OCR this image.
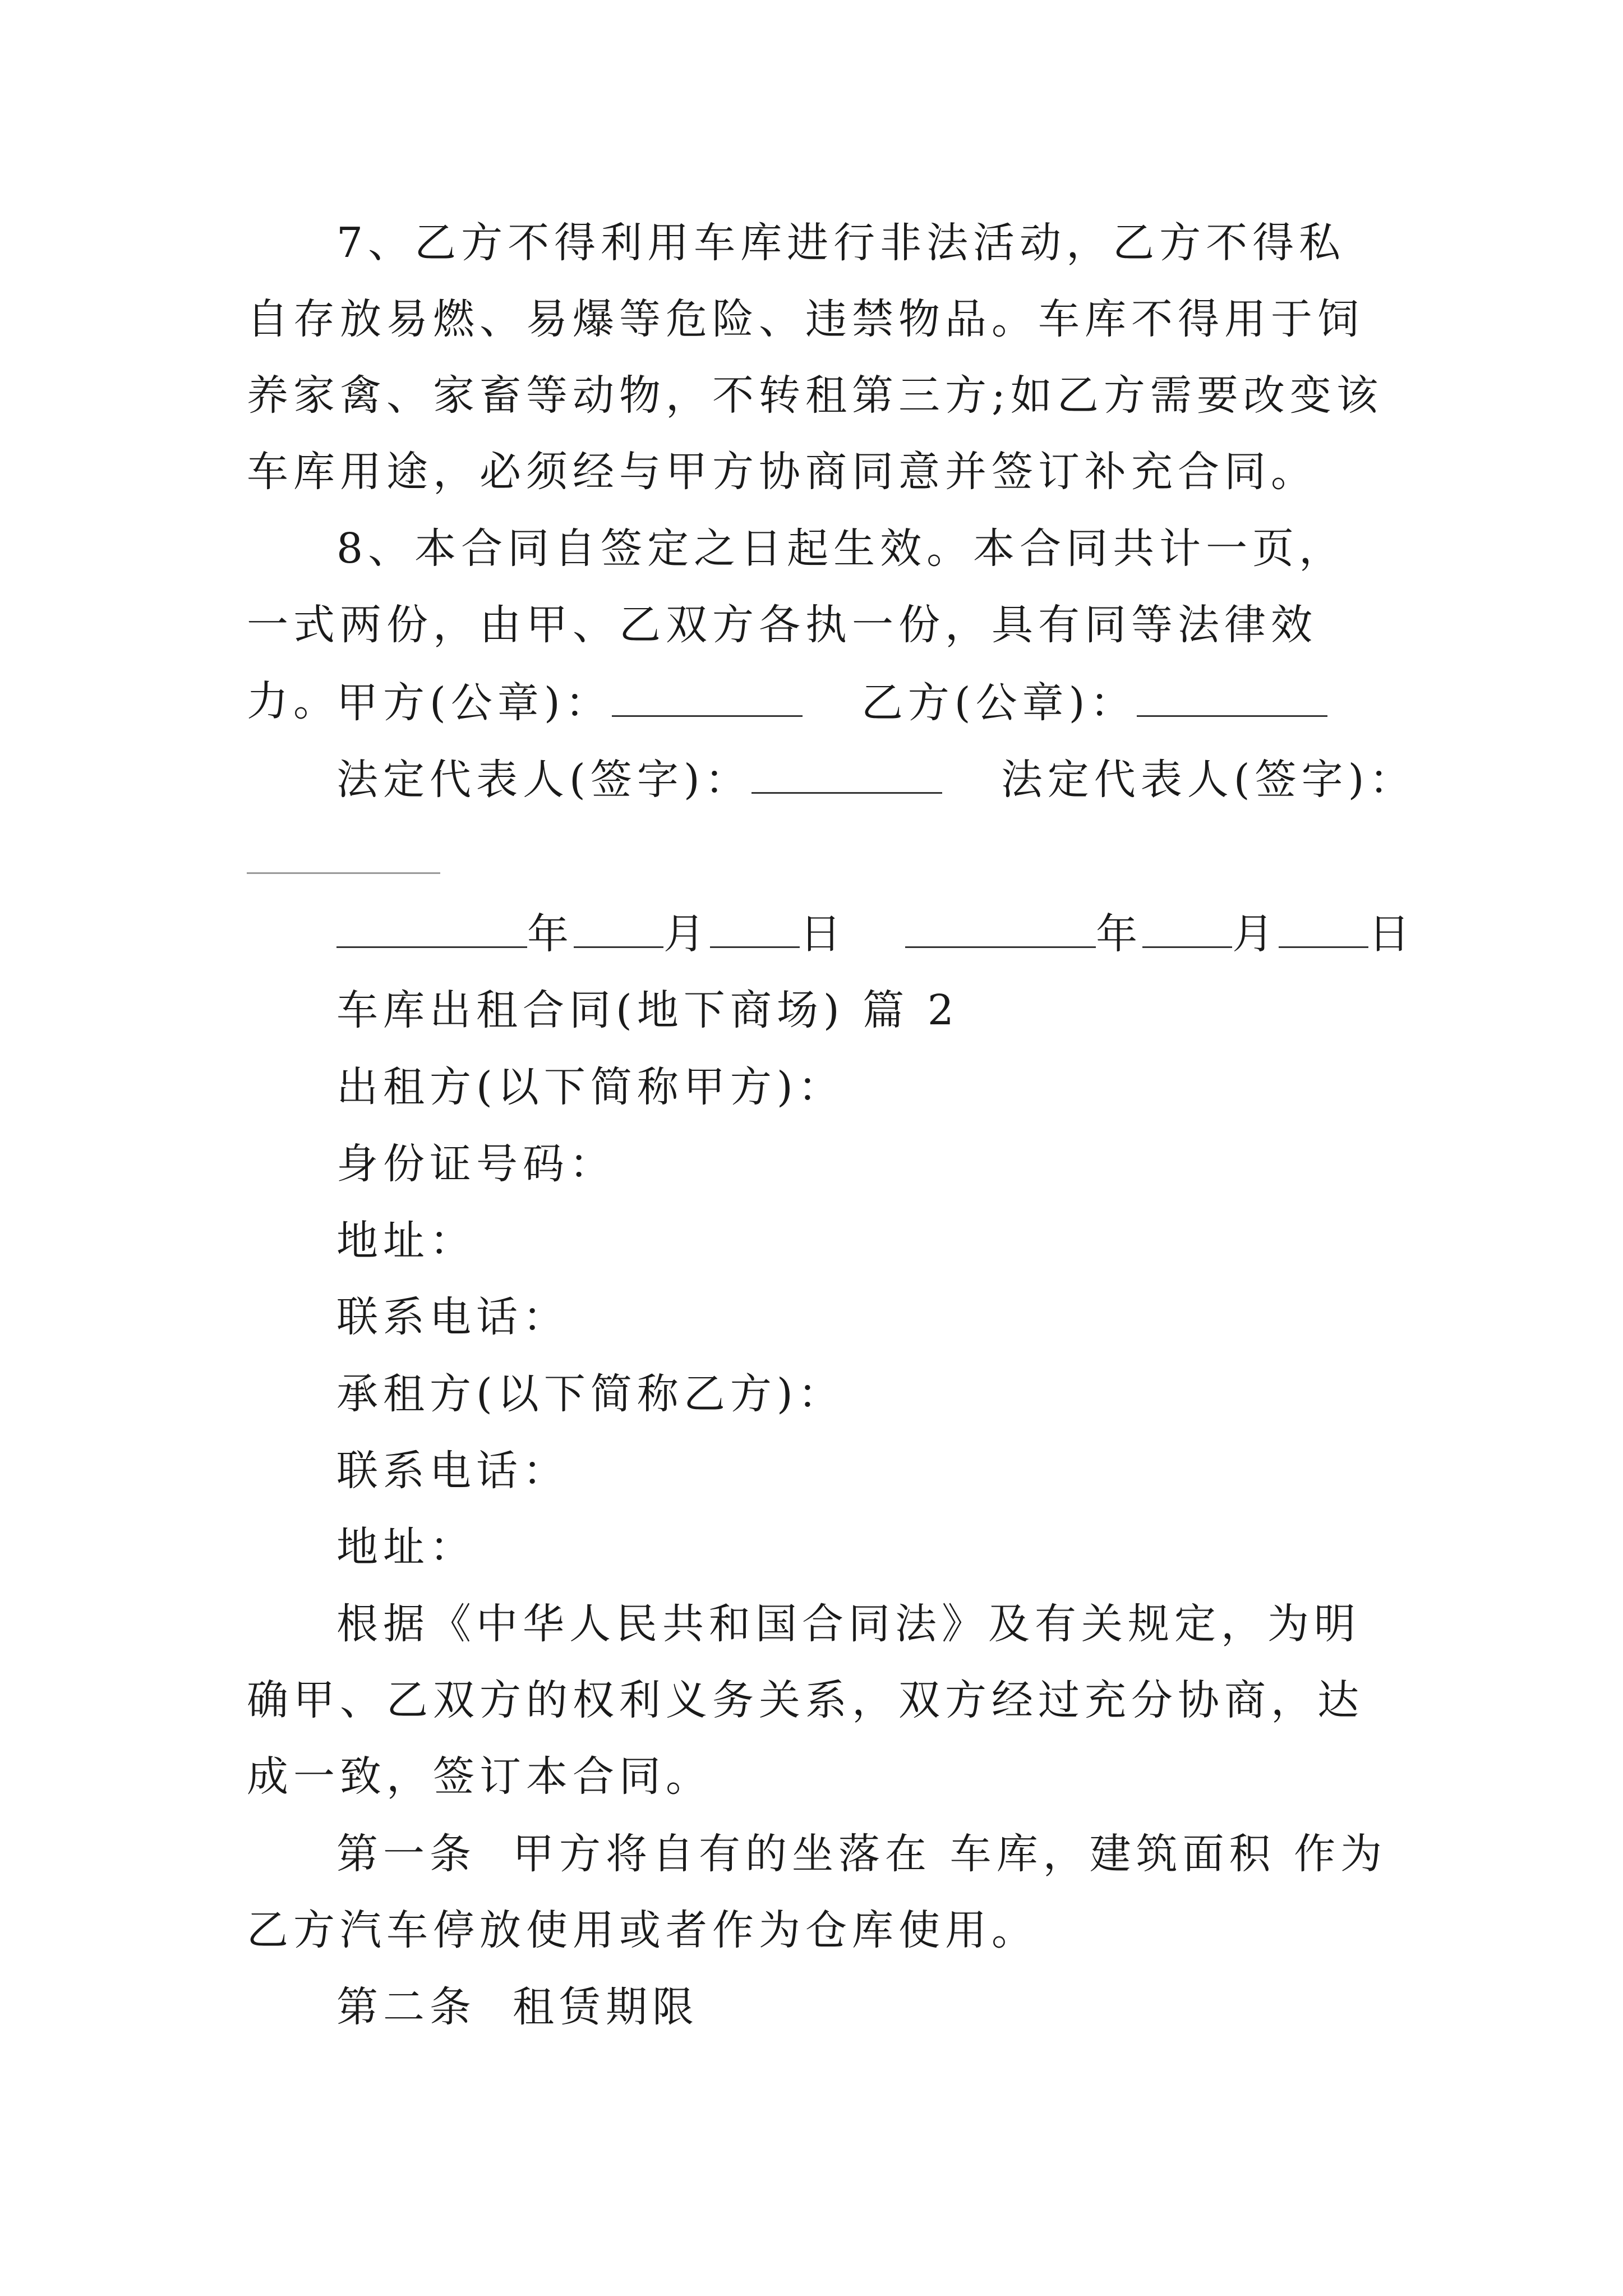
7、乙方不得利用车库进行非法活动，乙方不得私自存放易燃、易爆等危险、违禁物品。车库不得用于饲养家禽、家畜等动物，不转租第三方;如乙方需要改变该车库用途，必须经与甲方协商同意并签订补充合同。

8、本合同自签定之日起生效。本合同共计一页，一式两份，由甲、乙双方各执一份，具有同等法律效力。

甲方(公章)：	乙方(公章)：
法定代表人(签字)：	法定代表人(签字)：
年 月 日	年 月 日
车库出租合同(地下商场) 篇 2
出租方(以下简称甲方)：
身份证号码：
地址：
联系电话：
承租方(以下简称乙方)：
联系电话：
地址：

根据《中华人民共和国合同法》及有关规定，为明确甲、乙双方的权利义务关系，双方经过充分协商，达成一致，签订本合同。

第一条  甲方将自有的坐落在 车库，建筑面积 作为乙方汽车停放使用或者作为仓库使用。

第二条  租赁期限
